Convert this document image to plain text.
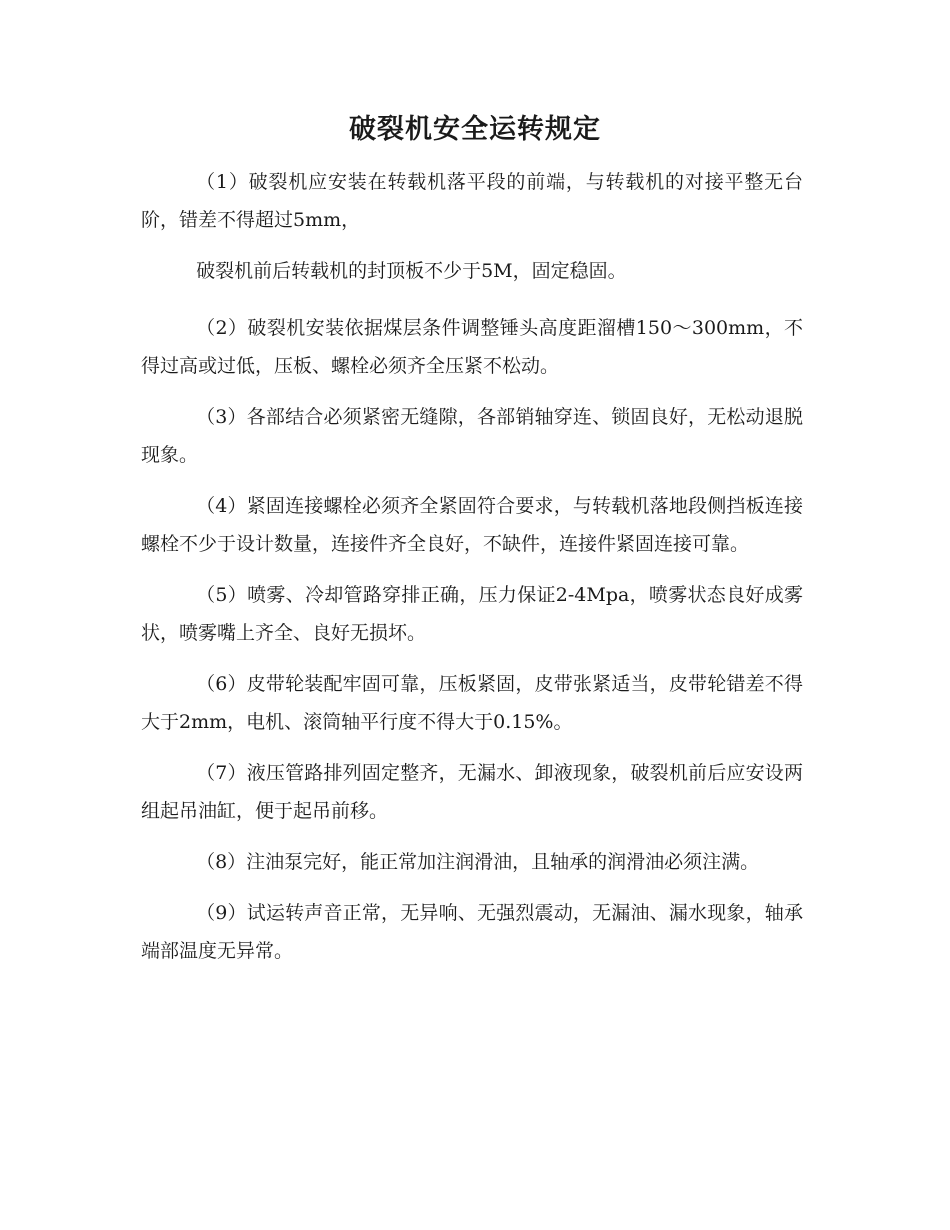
破裂机安全运转规定

（1）破裂机应安装在转载机落平段的前端，与转载机的对接平整无台阶，错差不得超过5mm，

破裂机前后转载机的封顶板不少于5M，固定稳固。

（2）破裂机安装依据煤层条件调整锤头高度距溜槽150～300mm，不得过高或过低，压板、螺栓必须齐全压紧不松动。

（3）各部结合必须紧密无缝隙，各部销轴穿连、锁固良好，无松动退脱现象。

（4）紧固连接螺栓必须齐全紧固符合要求，与转载机落地段侧挡板连接螺栓不少于设计数量，连接件齐全良好，不缺件，连接件紧固连接可靠。

（5）喷雾、冷却管路穿排正确，压力保证2-4Mpa，喷雾状态良好成雾状，喷雾嘴上齐全、良好无损坏。

（6）皮带轮装配牢固可靠，压板紧固，皮带张紧适当，皮带轮错差不得大于2mm，电机、滚筒轴平行度不得大于0.15%。

（7）液压管路排列固定整齐，无漏水、卸液现象，破裂机前后应安设两组起吊油缸，便于起吊前移。

（8）注油泵完好，能正常加注润滑油，且轴承的润滑油必须注满。

（9）试运转声音正常，无异响、无强烈震动，无漏油、漏水现象，轴承端部温度无异常。
